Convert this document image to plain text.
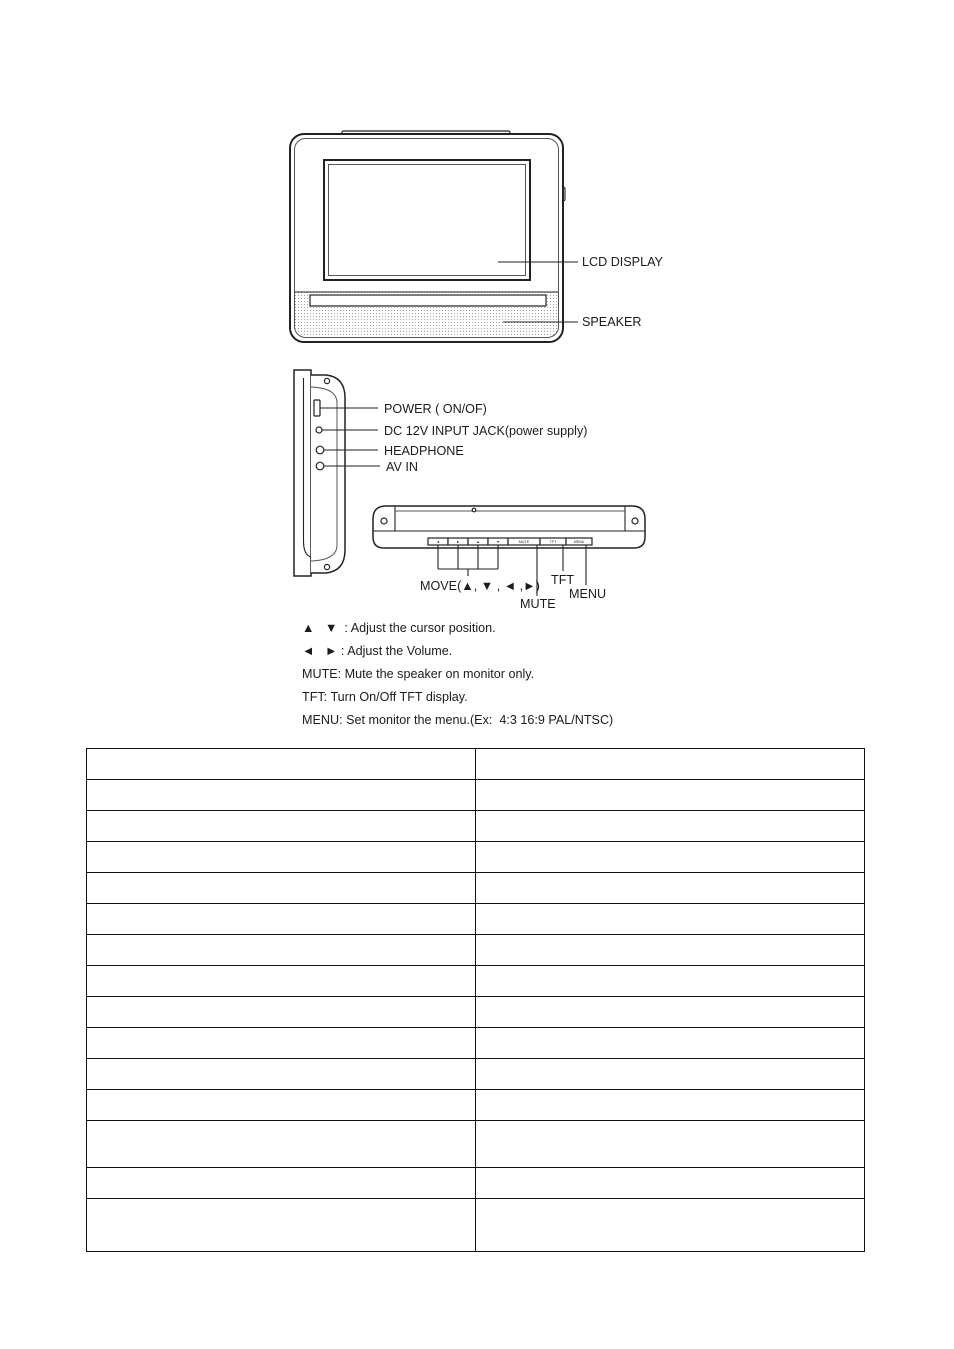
LCD DISPLAY
SPEAKER
POWER ( ON/OF)
DC 12V INPUT JACK(power supply)
HEADPHONE
AV IN
◄	►	▲	▼	MUTE	TFT	MENU
MOVE(▲, ▼ , ◄ ,►)
MUTE
TFT
MENU
▲   ▼  : Adjust the cursor position.
◄   ► : Adjust the Volume.
MUTE: Mute the speaker on monitor only.
TFT: Turn On/Off TFT display.
MENU: Set monitor the menu.(Ex:  4:3 16:9 PAL/NTSC)
